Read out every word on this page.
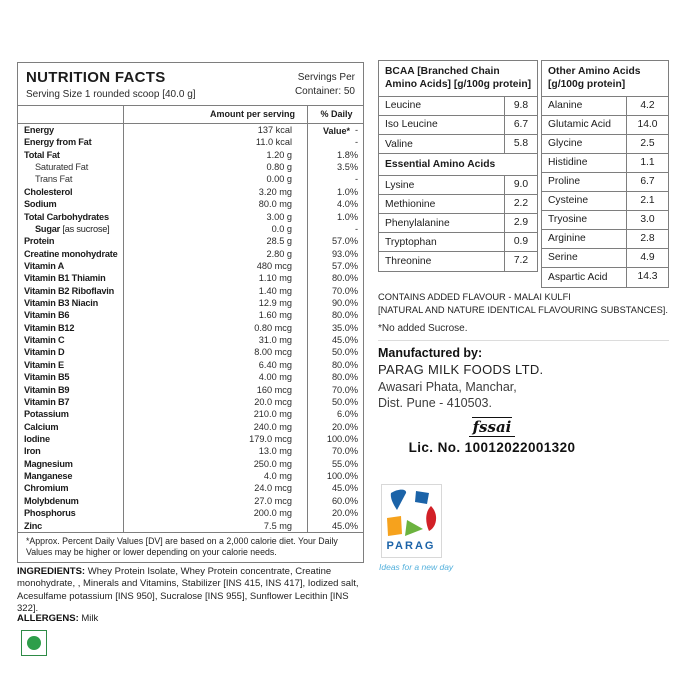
NUTRITION FACTS
Serving Size 1 rounded scoop [40.0 g]
Servings Per
Container: 50
Amount per serving	% Daily Value*
Energy	137 kcal	-
Energy from Fat	11.0 kcal	-
Total Fat	1.20 g	1.8%
Saturated Fat	0.80 g	3.5%
Trans Fat	0.00 g	-
Cholesterol	3.20 mg	1.0%
Sodium	80.0 mg	4.0%
Total Carbohydrates	3.00 g	1.0%
Sugar [as sucrose]	0.0 g	-
Protein	28.5 g	57.0%
Creatine monohydrate	2.80 g	93.0%
Vitamin A	480 mcg	57.0%
Vitamin B1 Thiamin	1.10 mg	80.0%
Vitamin B2 Riboflavin	1.40 mg	70.0%
Vitamin B3 Niacin	12.9 mg	90.0%
Vitamin B6	1.60 mg	80.0%
Vitamin B12	0.80 mcg	35.0%
Vitamin C	31.0 mg	45.0%
Vitamin D	8.00 mcg	50.0%
Vitamin E	6.40 mg	80.0%
Vitamin B5	4.00 mg	80.0%
Vitamin B9	160 mcg	70.0%
Vitamin B7	20.0 mcg	50.0%
Potassium	210.0 mg	6.0%
Calcium	240.0 mg	20.0%
Iodine	179.0 mcg	100.0%
Iron	13.0 mg	70.0%
Magnesium	250.0 mg	55.0%
Manganese	4.0 mg	100.0%
Chromium	24.0 mcg	45.0%
Molybdenum	27.0 mcg	60.0%
Phosphorus	200.0 mg	20.0%
Zinc	7.5 mg	45.0%
*Approx. Percent Daily Values [DV] are based on a 2,000 calorie diet. Your Daily Values may be higher or lower depending on your calorie needs.

INGREDIENTS: Whey Protein Isolate, Whey Protein concentrate, Creatine monohydrate, , Minerals and Vitamins, Stabilizer [INS 415, INS 417], Iodized salt, Acesulfame potassium [INS 950], Sucralose [INS 955], Sunflower Lecithin [INS 322].

ALLERGENS: Milk

BCAA [Branched Chain Amino Acids] [g/100g protein]
Leucine	9.8
Iso Leucine	6.7
Valine	5.8
Essential Amino Acids
Lysine	9.0
Methionine	2.2
Phenylalanine	2.9
Tryptophan	0.9
Threonine	7.2
Other Amino Acids [g/100g protein]
Alanine	4.2
Glutamic Acid	14.0
Glycine	2.5
Histidine	1.1
Proline	6.7
Cysteine	2.1
Tryosine	3.0
Arginine	2.8
Serine	4.9
Aspartic Acid	14.3
CONTAINS ADDED FLAVOUR - MALAI KULFI
[NATURAL AND NATURE IDENTICAL FLAVOURING SUBSTANCES].
*No added Sucrose.
Manufactured by:
PARAG MILK FOODS LTD.
Awasari Phata, Manchar,
Dist. Pune - 410503.
fssai
Lic. No. 10012022001320
PARAG
Ideas for a new day
